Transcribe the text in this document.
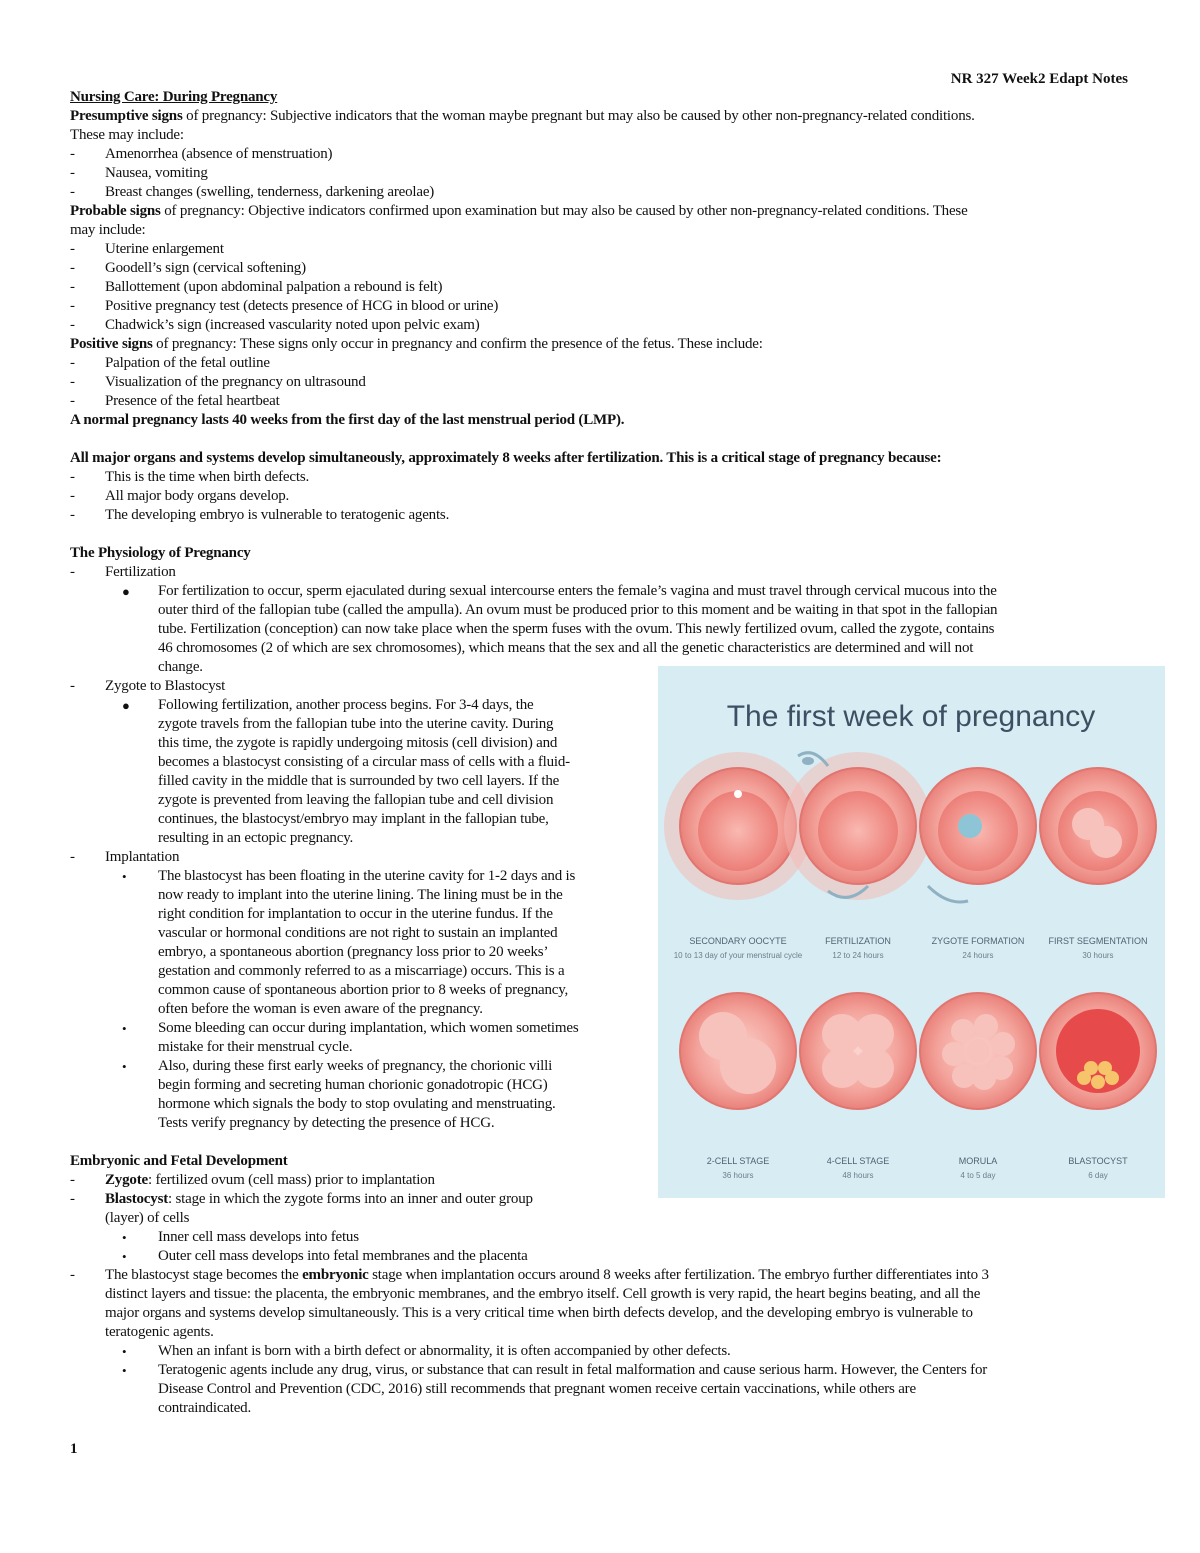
NR 327 Week2 Edapt Notes

Nursing Care: During Pregnancy

Presumptive signs of pregnancy: Subjective indicators that the woman maybe pregnant but may also be caused by other non-pregnancy-related conditions.

These may include:

- Amenorrhea (absence of menstruation)

- Nausea, vomiting

- Breast changes (swelling, tenderness, darkening areolae)

Probable signs of pregnancy: Objective indicators confirmed upon examination but may also be caused by other non-pregnancy-related conditions. These

may include:

- Uterine enlargement

- Goodell’s sign (cervical softening)

- Ballottement (upon abdominal palpation a rebound is felt)

- Positive pregnancy test (detects presence of HCG in blood or urine)

- Chadwick’s sign (increased vascularity noted upon pelvic exam)

Positive signs of pregnancy: These signs only occur in pregnancy and confirm the presence of the fetus. These include:

- Palpation of the fetal outline

- Visualization of the pregnancy on ultrasound

- Presence of the fetal heartbeat

A normal pregnancy lasts 40 weeks from the first day of the last menstrual period (LMP).

All major organs and systems develop simultaneously, approximately 8 weeks after fertilization. This is a critical stage of pregnancy because:

- This is the time when birth defects.

- All major body organs develop.

- The developing embryo is vulnerable to teratogenic agents.

The Physiology of Pregnancy

- Fertilization

● For fertilization to occur, sperm ejaculated during sexual intercourse enters the female’s vagina and must travel through cervical mucous into the

outer third of the fallopian tube (called the ampulla). An ovum must be produced prior to this moment and be waiting in that spot in the fallopian

tube. Fertilization (conception) can now take place when the sperm fuses with the ovum. This newly fertilized ovum, called the zygote, contains

46 chromosomes (2 of which are sex chromosomes), which means that the sex and all the genetic characteristics are determined and will not

change.

- Zygote to Blastocyst

● Following fertilization, another process begins. For 3-4 days, the

zygote travels from the fallopian tube into the uterine cavity. During

this time, the zygote is rapidly undergoing mitosis (cell division) and

becomes a blastocyst consisting of a circular mass of cells with a fluid-

filled cavity in the middle that is surrounded by two cell layers. If the

zygote is prevented from leaving the fallopian tube and cell division

continues, the blastocyst/embryo may implant in the fallopian tube,

resulting in an ectopic pregnancy.

- Implantation

• The blastocyst has been floating in the uterine cavity for 1-2 days and is

now ready to implant into the uterine lining. The lining must be in the

right condition for implantation to occur in the uterine fundus. If the

vascular or hormonal conditions are not right to sustain an implanted

embryo, a spontaneous abortion (pregnancy loss prior to 20 weeks’

gestation and commonly referred to as a miscarriage) occurs. This is a

common cause of spontaneous abortion prior to 8 weeks of pregnancy,

often before the woman is even aware of the pregnancy.

• Some bleeding can occur during implantation, which women sometimes

mistake for their menstrual cycle.

• Also, during these first early weeks of pregnancy, the chorionic villi

begin forming and secreting human chorionic gonadotropic (HCG)

hormone which signals the body to stop ovulating and menstruating.

Tests verify pregnancy by detecting the presence of HCG.

Embryonic and Fetal Development

- Zygote: fertilized ovum (cell mass) prior to implantation

- Blastocyst: stage in which the zygote forms into an inner and outer group

(layer) of cells

• Inner cell mass develops into fetus

• Outer cell mass develops into fetal membranes and the placenta

- The blastocyst stage becomes the embryonic stage when implantation occurs around 8 weeks after fertilization. The embryo further differentiates into 3

distinct layers and tissue: the placenta, the embryonic membranes, and the embryo itself. Cell growth is very rapid, the heart begins beating, and all the

major organs and systems develop simultaneously. This is a very critical time when birth defects develop, and the developing embryo is vulnerable to

teratogenic agents.

• When an infant is born with a birth defect or abnormality, it is often accompanied by other defects.

• Teratogenic agents include any drug, virus, or substance that can result in fetal malformation and cause serious harm. However, the Centers for

Disease Control and Prevention (CDC, 2016) still recommends that pregnant women receive certain vaccinations, while others are

contraindicated.

The first week of pregnancy
SECONDARY OOCYTE
10 to 13 day of your menstrual cycle
FERTILIZATION
12 to 24 hours
ZYGOTE FORMATION
24 hours
FIRST SEGMENTATION
30 hours
2-CELL STAGE
36 hours
4-CELL STAGE
48 hours
MORULA
4 to 5 day
BLASTOCYST
6 day
1
